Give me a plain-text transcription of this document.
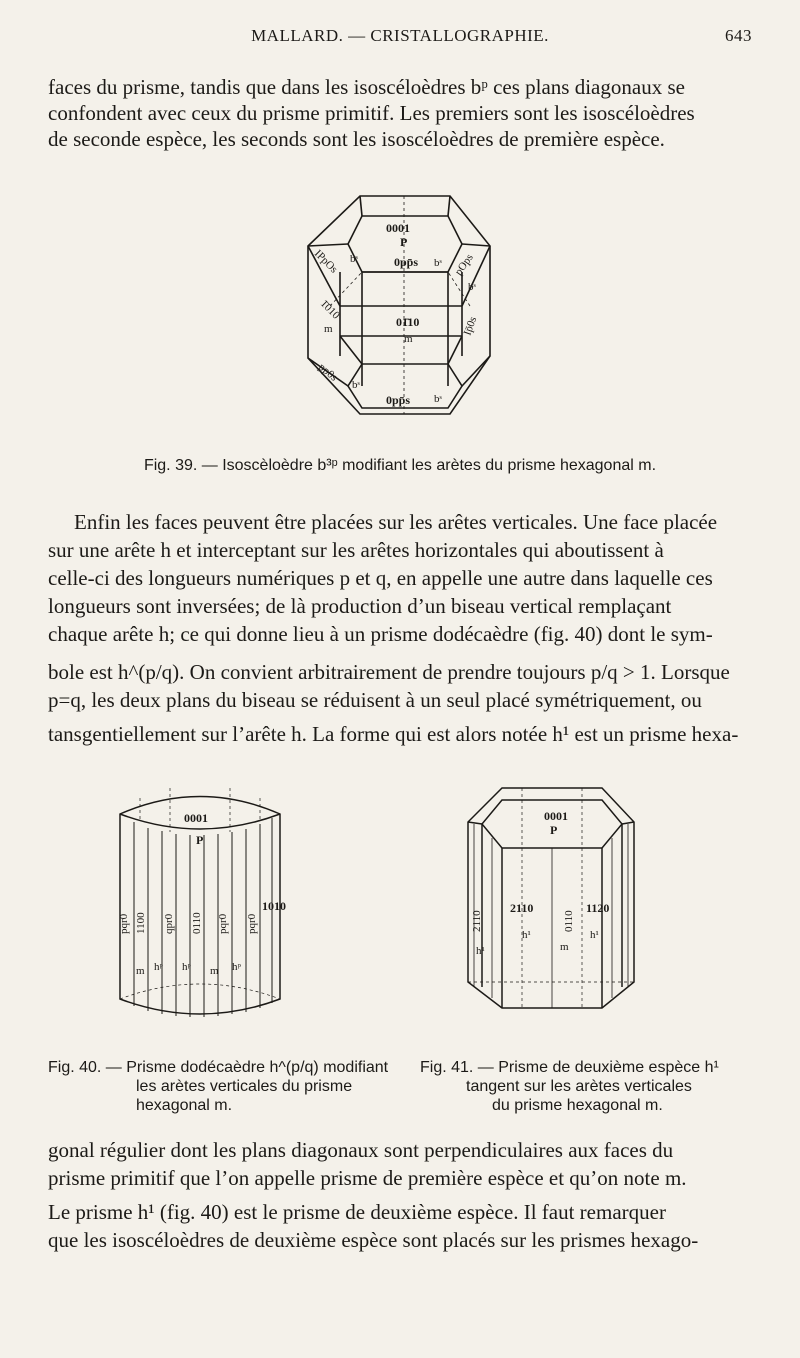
MALLARD. — CRISTALLOGRAPHIE.	643
faces du prisme, tandis que dans les isoscéloèdres bᵖ ces plans diagonaux se
confondent avec ceux du prisme primitif. Les premiers sont les isoscéloèdres
de seconde espèce, les seconds sont les isoscéloèdres de première espèce.
0001
P
IPpOs bˢ	0pp̄s bˢ pOps
bˢ
1̄010
m	01̄10
m
Ip̄0s
pp0s
bˢ
0pp̄s bˢ
Fig. 39. — Isoscèloèdre b³ᵖ modifiant les arètes du prisme hexagonal m.
Enfin les faces peuvent être placées sur les arêtes verticales. Une face placée
sur une arête h et interceptant sur les arêtes horizontales qui aboutissent à
celle-ci des longueurs numériques p et q, en appelle une autre dans laquelle ces
longueurs sont inversées; de là production d’un biseau vertical remplaçant
chaque arête h; ce qui donne lieu à un prisme dodécaèdre (fig. 40) dont le sym-
bole est h^(p/q). On convient arbitrairement de prendre toujours p/q > 1. Lorsque
p=q, les deux plans du biseau se réduisent à un seul placé symétriquement, ou
tansgentiellement sur l’arête h. La forme qui est alors notée h¹ est un prisme hexa-
0001
P
pqr0 1100 qpr0 0110 pqr0 pqr0
1010
m hᵖ hᵖ m hᵖ
Fig. 40. — Prisme dodécaèdre h^(p/q) modifiant
les arètes verticales du prisme
hexagonal m.
0001
P
2110
2110
0110
1120
h¹
h¹
m
h¹
Fig. 41. — Prisme de deuxième espèce h¹
tangent sur les arètes verticales
du prisme hexagonal m.
gonal régulier dont les plans diagonaux sont perpendiculaires aux faces du
prisme primitif que l’on appelle prisme de première espèce et qu’on note m.
Le prisme h¹ (fig. 40) est le prisme de deuxième espèce. Il faut remarquer
que les isoscéloèdres de deuxième espèce sont placés sur les prismes hexago-
